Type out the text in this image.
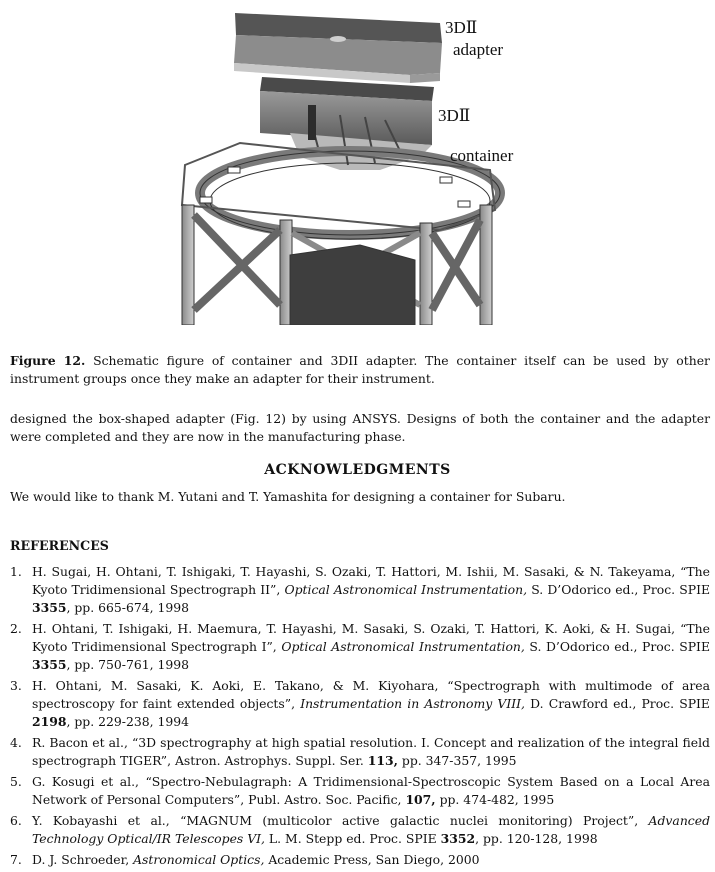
3DⅡ
adapter
3DⅡ
container
Figure 12. Schematic figure of container and 3DII adapter. The container itself can be used by other instrument groups once they make an adapter for their instrument.
designed the box-shaped adapter (Fig. 12) by using ANSYS. Designs of both the container and the adapter were completed and they are now in the manufacturing phase.
ACKNOWLEDGMENTS
We would like to thank M. Yutani and T. Yamashita for designing a container for Subaru.
REFERENCES
1. H. Sugai, H. Ohtani, T. Ishigaki, T. Hayashi, S. Ozaki, T. Hattori, M. Ishii, M. Sasaki, & N. Takeyama, “The Kyoto Tridimensional Spectrograph II”, Optical Astronomical Instrumentation, S. D’Odorico ed., Proc. SPIE 3355, pp. 665-674, 1998
2. H. Ohtani, T. Ishigaki, H. Maemura, T. Hayashi, M. Sasaki, S. Ozaki, T. Hattori, K. Aoki, & H. Sugai, “The Kyoto Tridimensional Spectrograph I”, Optical Astronomical Instrumentation, S. D’Odorico ed., Proc. SPIE 3355, pp. 750-761, 1998
3. H. Ohtani, M. Sasaki, K. Aoki, E. Takano, & M. Kiyohara, “Spectrograph with multimode of area spectroscopy for faint extended objects”, Instrumentation in Astronomy VIII, D. Crawford ed., Proc. SPIE 2198, pp. 229-238, 1994
4. R. Bacon et al., “3D spectrography at high spatial resolution. I. Concept and realization of the integral field spectrograph TIGER”, Astron. Astrophys. Suppl. Ser. 113, pp. 347-357, 1995
5. G. Kosugi et al., “Spectro-Nebulagraph: A Tridimensional-Spectroscopic System Based on a Local Area Network of Personal Computers”, Publ. Astro. Soc. Pacific, 107, pp. 474-482, 1995
6. Y. Kobayashi et al., “MAGNUM (multicolor active galactic nuclei monitoring) Project”, Advanced Technology Optical/IR Telescopes VI, L. M. Stepp ed. Proc. SPIE 3352, pp. 120-128, 1998
7. D. J. Schroeder, Astronomical Optics, Academic Press, San Diego, 2000
